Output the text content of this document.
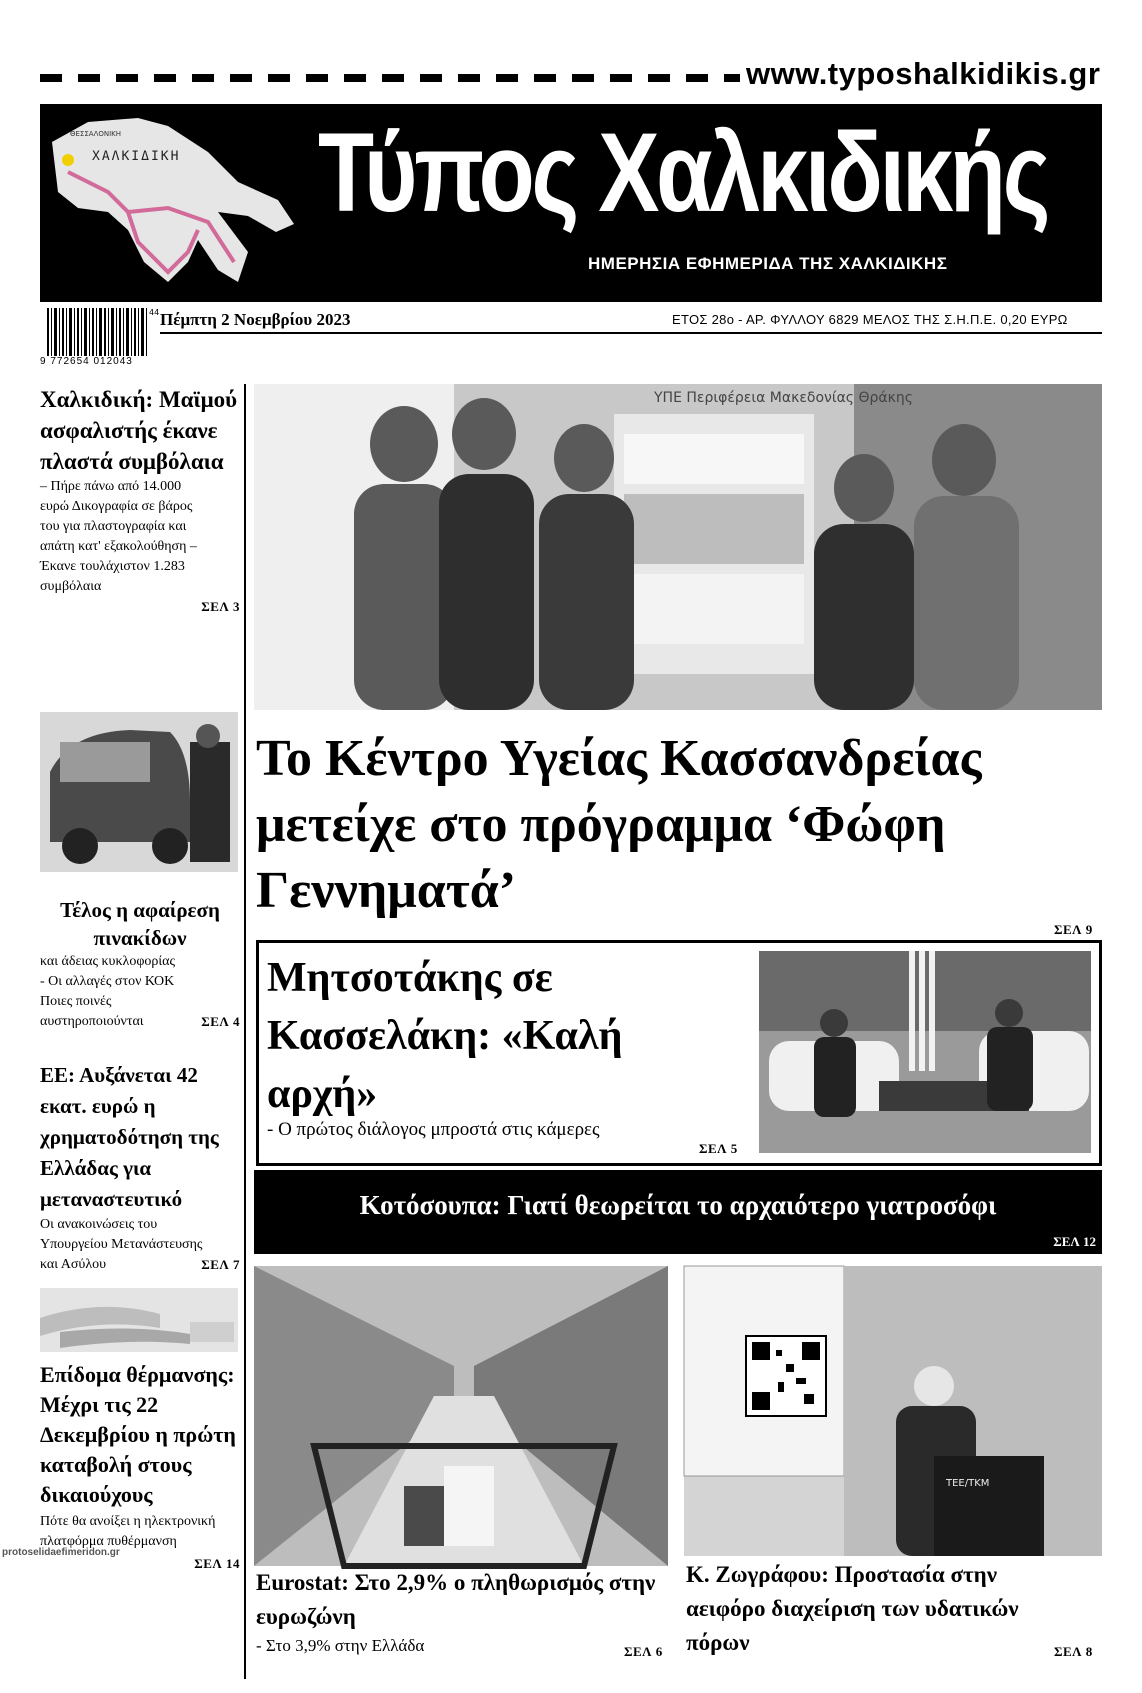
www.typoshalkidikis.gr
ΘΕΣΣΑΛΟΝΙΚΗ
ΧΑΛΚΙΔΙΚΗ Τύπος Χαλκιδικής
ΗΜΕΡΗΣΙΑ ΕΦΗΜΕΡΙΔΑ ΤΗΣ ΧΑΛΚΙΔΙΚΗΣ
44
9 772654 012043
Πέμπτη 2 Νοεμβρίου 2023	ΕΤΟΣ 28ο - ΑΡ. ΦΥΛΛΟΥ 6829 ΜΕΛΟΣ ΤΗΣ Σ.Η.Π.Ε. 0,20 ΕΥΡΩ
Χαλκιδική: Μαϊμού ασφαλιστής έκανε πλαστά συμβόλαια

– Πήρε πάνω από 14.000 ευρώ Δικογραφία σε βάρος του για πλαστογραφία και απάτη κατ' εξακολούθηση – Έκανε τουλάχιστον 1.283 συμβόλαια

ΣΕΛ 3
Τέλος η αφαίρεση πινακίδων

και άδειας κυκλοφορίας

- Οι αλλαγές στον ΚΟΚ Ποιες ποινές αυστηροποιούνται	ΣΕΛ 4
ΕΕ: Αυξάνεται 42 εκατ. ευρώ η χρηματοδότηση της Ελλάδας για μεταναστευτικό

Οι ανακοινώσεις του Υπουργείου Μετανάστευσης και Ασύλου	ΣΕΛ 7
Επίδομα θέρμανσης: Μέχρι τις 22 Δεκεμβρίου η πρώτη καταβολή στους δικαιούχους

Πότε θα ανοίξει η ηλεκτρονική πλατφόρμα πυθέρμανση

ΣΕΛ 14
protoselidaefimeridon.gr
ΥΠΕ Περιφέρεια Μακεδονίας Θράκης
Το Κέντρο Υγείας Κασσανδρείας μετείχε στο πρόγραμμα ‘Φώφη Γεννηματά’
ΣΕΛ 9
Μητσοτάκης σε Κασσελάκη: «Καλή αρχή»
- Ο πρώτος διάλογος μπροστά στις κάμερες
ΣΕΛ 5
Κοτόσουπα: Γιατί θεωρείται το αρχαιότερο γιατροσόφι
ΣΕΛ 12
Eurostat: Στο 2,9% ο πληθωρισμός στην ευρωζώνη
- Στο 3,9% στην Ελλάδα	ΣΕΛ 6
ΤΕΕ/ΤΚΜ
Κ. Ζωγράφου: Προστασία στην αειφόρο διαχείριση των υδατικών πόρων	ΣΕΛ 8
